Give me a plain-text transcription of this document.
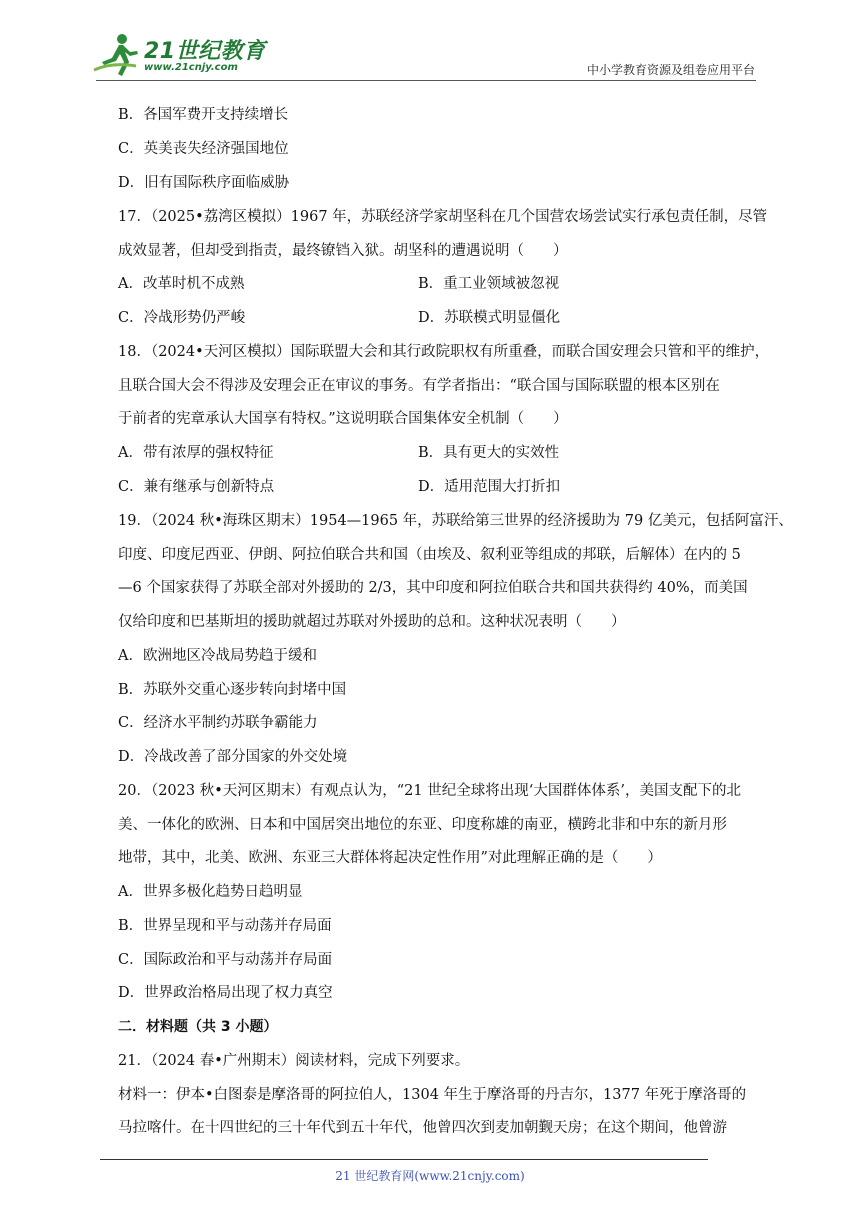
21世纪教育
www.21cnjy.com	中小学教育资源及组卷应用平台
B．各国军费开支持续增长
C．英美丧失经济强国地位
D．旧有国际秩序面临威胁
17．（2025•荔湾区模拟）1967 年，苏联经济学家胡坚科在几个国营农场尝试实行承包责任制，尽管
成效显著，但却受到指责，最终镣铛入狱。胡坚科的遭遇说明（　　）
A．改革时机不成熟	B．重工业领域被忽视
C．冷战形势仍严峻	D．苏联模式明显僵化
18．（2024•天河区模拟）国际联盟大会和其行政院职权有所重叠，而联合国安理会只管和平的维护，
且联合国大会不得涉及安理会正在审议的事务。有学者指出：“联合国与国际联盟的根本区别在
于前者的宪章承认大国享有特权。”这说明联合国集体安全机制（　　）
A．带有浓厚的强权特征	B．具有更大的实效性
C．兼有继承与创新特点	D．适用范围大打折扣
19．（2024 秋•海珠区期末）1954—1965 年，苏联给第三世界的经济援助为 79 亿美元，包括阿富汗、
印度、印度尼西亚、伊朗、阿拉伯联合共和国（由埃及、叙利亚等组成的邦联，后解体）在内的 5
—6 个国家获得了苏联全部对外援助的 2/3，其中印度和阿拉伯联合共和国共获得约 40%，而美国
仅给印度和巴基斯坦的援助就超过苏联对外援助的总和。这种状况表明（　　）
A．欧洲地区冷战局势趋于缓和
B．苏联外交重心逐步转向封堵中国
C．经济水平制约苏联争霸能力
D．冷战改善了部分国家的外交处境
20．（2023 秋•天河区期末）有观点认为，“21 世纪全球将出现‘大国群体体系’，美国支配下的北
美、一体化的欧洲、日本和中国居突出地位的东亚、印度称雄的南亚，横跨北非和中东的新月形
地带，其中，北美、欧洲、东亚三大群体将起决定性作用”对此理解正确的是（　　）
A．世界多极化趋势日趋明显
B．世界呈现和平与动荡并存局面
C．国际政治和平与动荡并存局面
D．世界政治格局出现了权力真空
二．材料题（共 3 小题）
21．（2024 春•广州期末）阅读材料，完成下列要求。
材料一：伊本•白图泰是摩洛哥的阿拉伯人，1304 年生于摩洛哥的丹吉尔，1377 年死于摩洛哥的
马拉喀什。在十四世纪的三十年代到五十年代，他曾四次到麦加朝觐天房；在这个期间，他曾游
21 世纪教育网(www.21cnjy.com)
